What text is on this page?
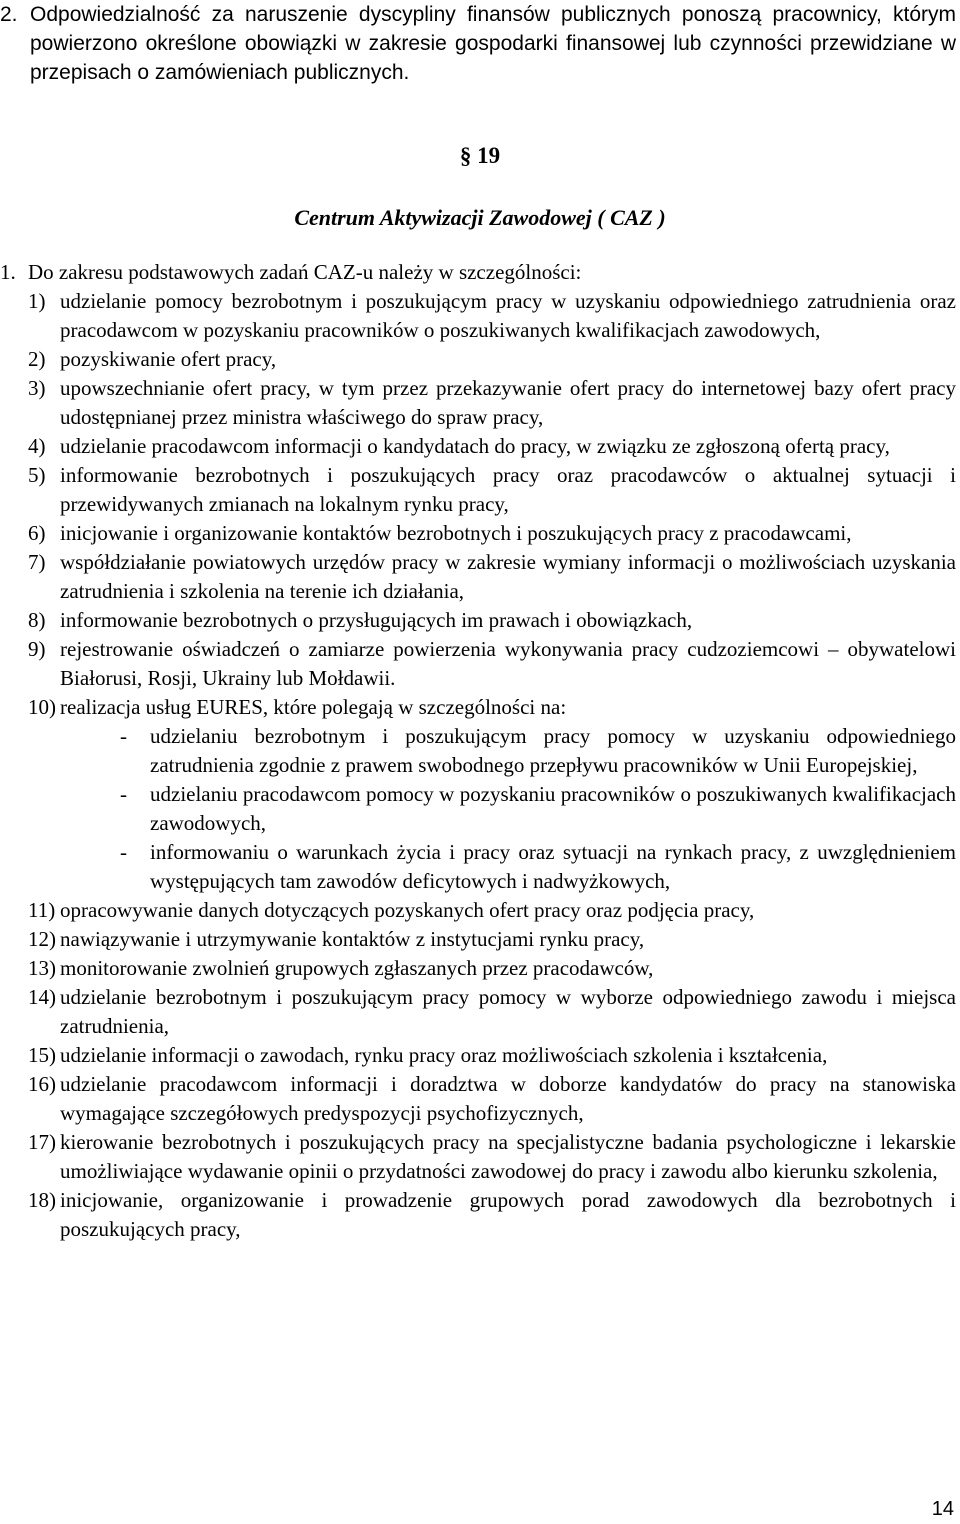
2. Odpowiedzialność za naruszenie dyscypliny finansów publicznych ponoszą pracownicy, którym powierzono określone obowiązki w zakresie gospodarki finansowej lub czynności przewidziane w przepisach o zamówieniach publicznych.
§ 19
Centrum Aktywizacji Zawodowej ( CAZ )
1. Do zakresu podstawowych zadań CAZ-u należy w szczególności:
1) udzielanie pomocy bezrobotnym i poszukującym pracy w uzyskaniu odpowiedniego zatrudnienia oraz pracodawcom w pozyskaniu pracowników o poszukiwanych kwalifikacjach zawodowych,
2) pozyskiwanie ofert pracy,
3) upowszechnianie ofert pracy, w tym przez przekazywanie ofert pracy do internetowej bazy ofert pracy udostępnianej przez ministra właściwego do spraw pracy,
4) udzielanie pracodawcom informacji o kandydatach do pracy, w związku ze zgłoszoną ofertą pracy,
5) informowanie bezrobotnych i poszukujących pracy oraz pracodawców o aktualnej sytuacji i przewidywanych zmianach na lokalnym rynku pracy,
6) inicjowanie i organizowanie kontaktów bezrobotnych i poszukujących pracy z pracodawcami,
7) współdziałanie powiatowych urzędów pracy w zakresie wymiany informacji o możliwościach uzyskania zatrudnienia i szkolenia na terenie ich działania,
8) informowanie bezrobotnych o przysługujących im prawach i obowiązkach,
9) rejestrowanie oświadczeń o zamiarze powierzenia wykonywania pracy cudzoziemcowi – obywatelowi Białorusi, Rosji, Ukrainy lub Mołdawii.
10) realizacja usług EURES, które polegają w szczególności na:
- udzielaniu bezrobotnym i poszukującym pracy pomocy w uzyskaniu odpowiedniego zatrudnienia zgodnie z prawem swobodnego przepływu pracowników w Unii Europejskiej,
- udzielaniu pracodawcom pomocy w pozyskaniu pracowników o poszukiwanych kwalifikacjach zawodowych,
- informowaniu o warunkach życia i pracy oraz sytuacji na rynkach pracy, z uwzględnieniem występujących tam zawodów deficytowych i nadwyżkowych,
11) opracowywanie danych dotyczących pozyskanych ofert pracy oraz podjęcia pracy,
12) nawiązywanie i utrzymywanie kontaktów z instytucjami rynku pracy,
13) monitorowanie zwolnień grupowych zgłaszanych przez pracodawców,
14) udzielanie bezrobotnym i poszukującym pracy pomocy w wyborze odpowiedniego zawodu i miejsca zatrudnienia,
15) udzielanie informacji o zawodach, rynku pracy oraz możliwościach szkolenia i kształcenia,
16) udzielanie pracodawcom informacji i doradztwa w doborze kandydatów do pracy na stanowiska wymagające szczegółowych predyspozycji psychofizycznych,
17) kierowanie bezrobotnych i poszukujących pracy na specjalistyczne badania psychologiczne i lekarskie umożliwiające wydawanie opinii o przydatności zawodowej do pracy i zawodu albo kierunku szkolenia,
18) inicjowanie, organizowanie i prowadzenie grupowych porad zawodowych dla bezrobotnych i poszukujących pracy,
14
